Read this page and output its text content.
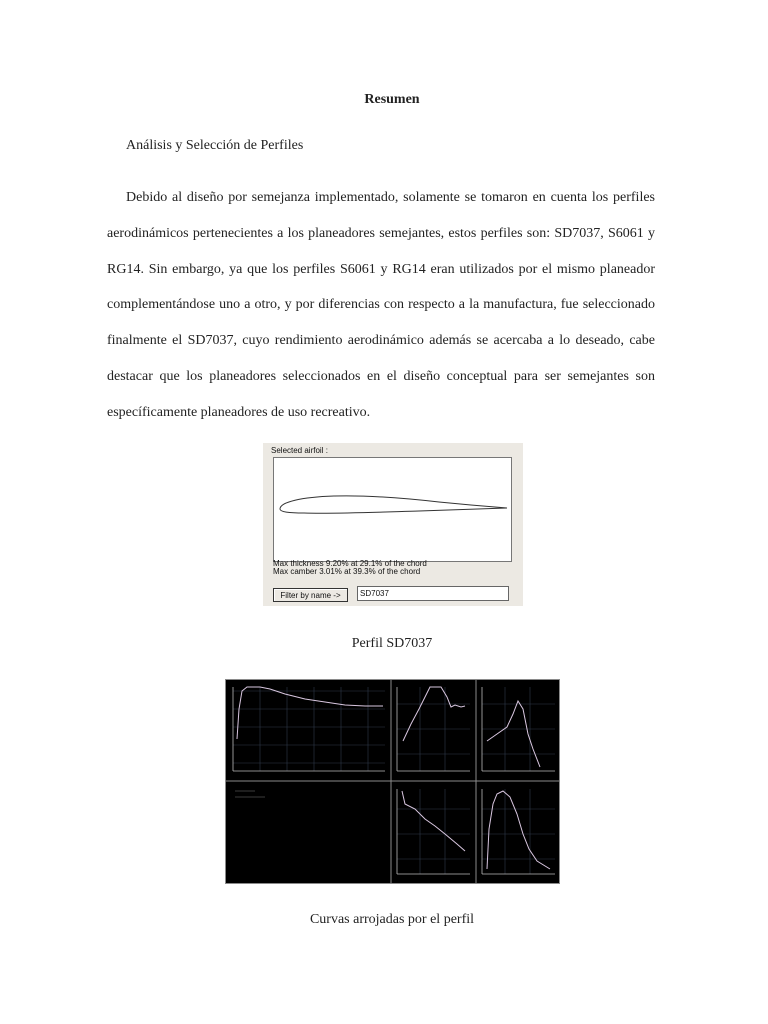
Resumen
Análisis y Selección de Perfiles

Debido al diseño por semejanza implementado, solamente se tomaron en cuenta los perfiles aerodinámicos pertenecientes a los planeadores semejantes, estos perfiles son: SD7037, S6061 y RG14. Sin embargo, ya que los perfiles S6061 y RG14 eran utilizados por el mismo planeador complementándose uno a otro, y por diferencias con respecto a la manufactura, fue seleccionado finalmente el SD7037, cuyo rendimiento aerodinámico además se acercaba a lo deseado, cabe destacar que los planeadores seleccionados en el diseño conceptual para ser semejantes son específicamente planeadores de uso recreativo.

Selected airfoil :
Max thickness 9.20% at 29.1% of the chord
Max camber 3.01% at 39.3% of the chord
Filter by name ->
SD7037
Perfil SD7037
Curvas arrojadas por el perfil
